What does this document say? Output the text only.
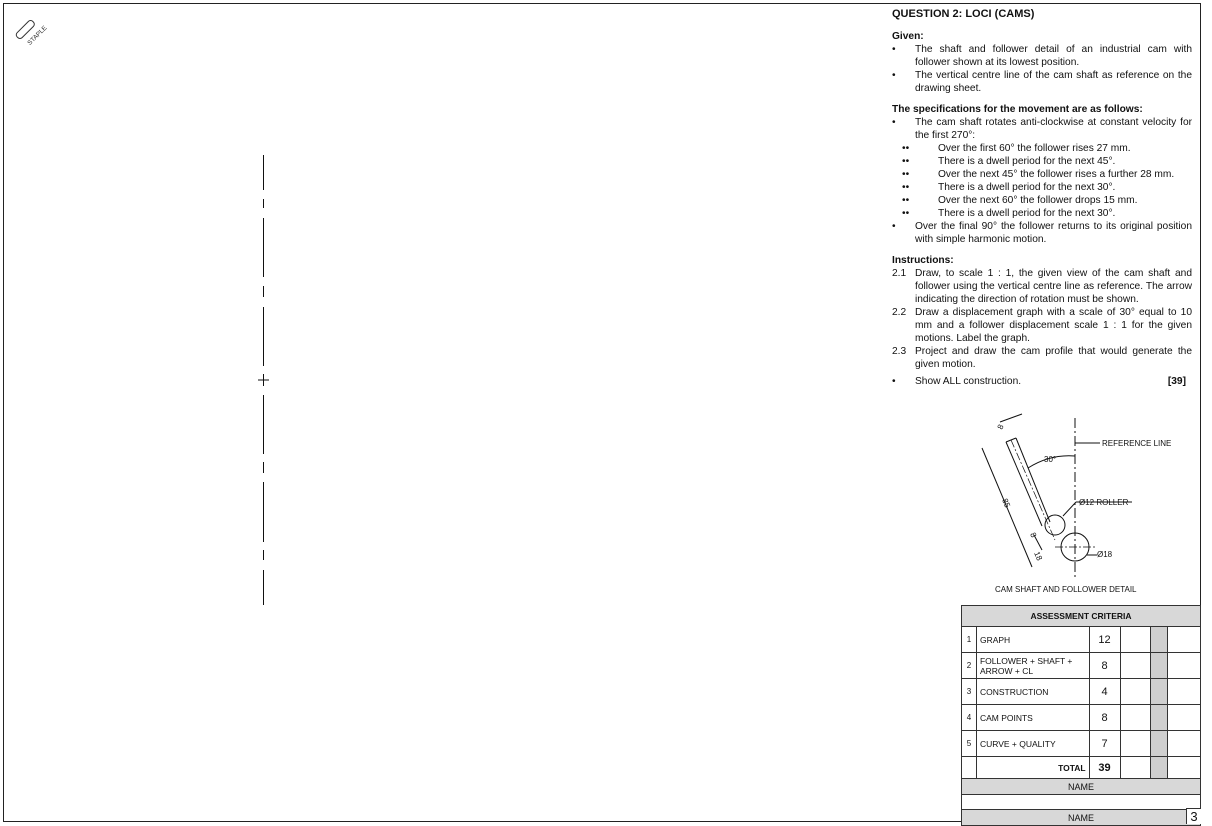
STAPLE
QUESTION 2: LOCI (CAMS)
Given:
•	The shaft and follower detail of an industrial cam with follower shown at its lowest position.
•	The vertical centre line of the cam shaft as reference on the drawing sheet.
The specifications for the movement are as follows:
•	The cam shaft rotates anti-clockwise at constant velocity for the first 270°:
••	Over the first 60° the follower rises 27 mm.
••	There is a dwell period for the next 45°.
••	Over the next 45° the follower rises a further 28 mm.
••	There is a dwell period for the next 30°.
••	Over the next 60° the follower drops 15 mm.
••	There is a dwell period for the next 30°.
•	Over the final 90° the follower returns to its original position with simple harmonic motion.
Instructions:
2.1 Draw, to scale 1 : 1, the given view of the cam shaft and follower using the vertical centre line as reference. The arrow indicating the direction of rotation must be shown.
2.2 Draw a displacement graph with a scale of 30° equal to 10 mm and a follower displacement scale 1 : 1 for the given motions. Label the graph.
2.3 Project and draw the cam profile that would generate the given motion.
•	Show ALL construction.	[39]
REFERENCE LINE
Ø12 ROLLER
Ø18
30°
8
85
8
18
CAM SHAFT AND FOLLOWER DETAIL
ASSESSMENT CRITERIA					
1	GRAPH	12			
2	FOLLOWER + SHAFT + ARROW + CL	8			
3	CONSTRUCTION	4			
4	CAM POINTS	8			
5	CURVE + QUALITY	7			
	TOTAL	39			
NAME					

NAME						3
